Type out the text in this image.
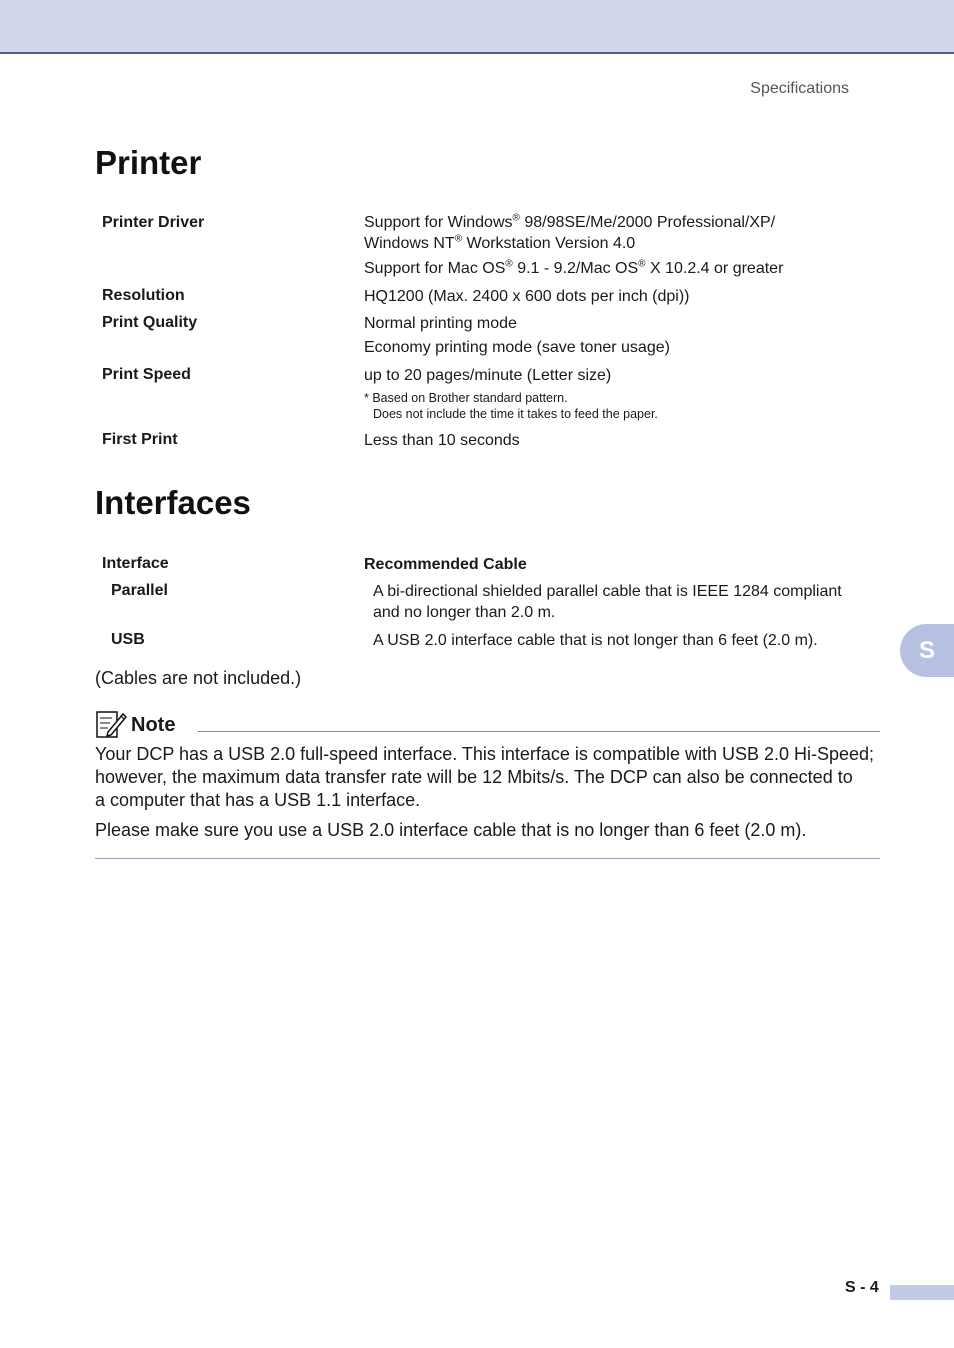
Specifications
Printer
Printer Driver	Support for Windows® 98/98SE/Me/2000 Professional/XP/
Windows NT® Workstation Version 4.0
Support for Mac OS® 9.1 - 9.2/Mac OS® X 10.2.4 or greater
Resolution	HQ1200 (Max. 2400 x 600 dots per inch (dpi))
Print Quality	Normal printing mode
Economy printing mode (save toner usage)
Print Speed	up to 20 pages/minute (Letter size)
* Based on Brother standard pattern.
Does not include the time it takes to feed the paper.
First Print	Less than 10 seconds
Interfaces
Interface	Recommended Cable
Parallel	A bi-directional shielded parallel cable that is IEEE 1284 compliant
and no longer than 2.0 m.
USB	A USB 2.0 interface cable that is not longer than 6 feet (2.0 m).
(Cables are not included.)
S
Note
Your DCP has a USB 2.0 full-speed interface. This interface is compatible with USB 2.0 Hi-Speed;
however, the maximum data transfer rate will be 12 Mbits/s. The DCP can also be connected to
a computer that has a USB 1.1 interface.
Please make sure you use a USB 2.0 interface cable that is no longer than 6 feet (2.0 m).
S - 4
